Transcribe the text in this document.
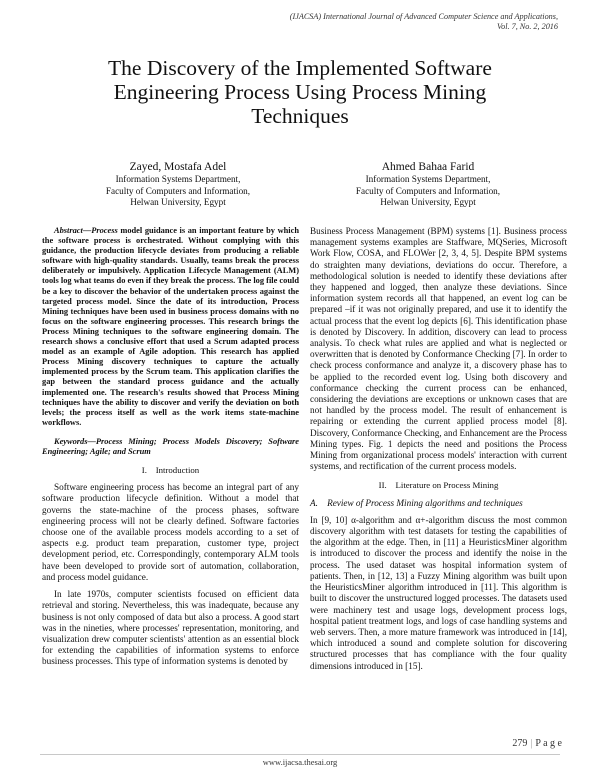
(IJACSA) International Journal of Advanced Computer Science and Applications,
Vol. 7, No. 2, 2016
The Discovery of the Implemented Software
Engineering Process Using Process Mining
Techniques
Zayed, Mostafa Adel
Information Systems Department,
Faculty of Computers and Information,
Helwan University, Egypt
Ahmed Bahaa Farid
Information Systems Department,
Faculty of Computers and Information,
Helwan University, Egypt

Abstract—Process model guidance is an important feature by which the software process is orchestrated. Without complying with this guidance, the production lifecycle deviates from producing a reliable software with high-quality standards. Usually, teams break the process deliberately or impulsively. Application Lifecycle Management (ALM) tools log what teams do even if they break the process. The log file could be a key to discover the behavior of the undertaken process against the targeted process model. Since the date of its introduction, Process Mining techniques have been used in business process domains with no focus on the software engineering processes. This research brings the Process Mining techniques to the software engineering domain. The research shows a conclusive effort that used a Scrum adapted process model as an example of Agile adoption. This research has applied Process Mining discovery techniques to capture the actually implemented process by the Scrum team. This application clarifies the gap between the standard process guidance and the actually implemented one. The research's results showed that Process Mining techniques have the ability to discover and verify the deviation on both levels; the process itself as well as the work items state-machine workflows.

Keywords—Process Mining; Process Models Discovery; Software Engineering; Agile; and Scrum

I. Introduction

Software engineering process has become an integral part of any software production lifecycle definition. Without a model that governs the state-machine of the process phases, software engineering process will not be clearly defined. Software factories choose one of the available process models according to a set of aspects e.g. product team preparation, customer type, project development period, etc. Correspondingly, contemporary ALM tools have been developed to provide sort of automation, collaboration, and process model guidance.

In late 1970s, computer scientists focused on efficient data retrieval and storing. Nevertheless, this was inadequate, because any business is not only composed of data but also a process. A good start was in the nineties, where processes' representation, monitoring, and visualization drew computer scientists' attention as an essential block for extending the capabilities of information systems to enforce business processes. This type of information systems is denoted by

Business Process Management (BPM) systems [1]. Business process management systems examples are Staffware, MQSeries, Microsoft Work Flow, COSA, and FLOWer [2, 3, 4, 5]. Despite BPM systems do straighten many deviations, deviations do occur. Therefore, a methodological solution is needed to identify these deviations after they happened and logged, then analyze these deviations. Since information system records all that happened, an event log can be prepared –if it was not originally prepared, and use it to identify the actual process that the event log depicts [6]. This identification phase is denoted by Discovery. In addition, discovery can lead to process analysis. To check what rules are applied and what is neglected or overwritten that is denoted by Conformance Checking [7]. In order to check process conformance and analyze it, a discovery phase has to be applied to the recorded event log. Using both discovery and conformance checking the current process can be enhanced, considering the deviations are exceptions or unknown cases that are not handled by the process model. The result of enhancement is repairing or extending the current applied process model [8]. Discovery, Conformance Checking, and Enhancement are the Process Mining types. Fig. 1 depicts the need and positions the Process Mining from organizational process models' interaction with current systems, and rectification of the current process models.

II. Literature on Process Mining

A. Review of Process Mining algorithms and techniques

In [9, 10] α-algorithm and α+-algorithm discuss the most common discovery algorithm with test datasets for testing the capabilities of the algorithm at the edge. Then, in [11] a HeuristicsMiner algorithm is introduced to discover the process and identify the noise in the process. The used dataset was hospital information system of patients. Then, in [12, 13] a Fuzzy Mining algorithm was built upon the HeuristicsMiner algorithm introduced in [11]. This algorithm is built to discover the unstructured logged processes. The datasets used were machinery test and usage logs, development process logs, hospital patient treatment logs, and logs of case handling systems and web servers. Then, a more mature framework was introduced in [14], which introduced a sound and complete solution for discovering structured processes that has compliance with the four quality dimensions introduced in [15].

279 | P a g e
www.ijacsa.thesai.org
